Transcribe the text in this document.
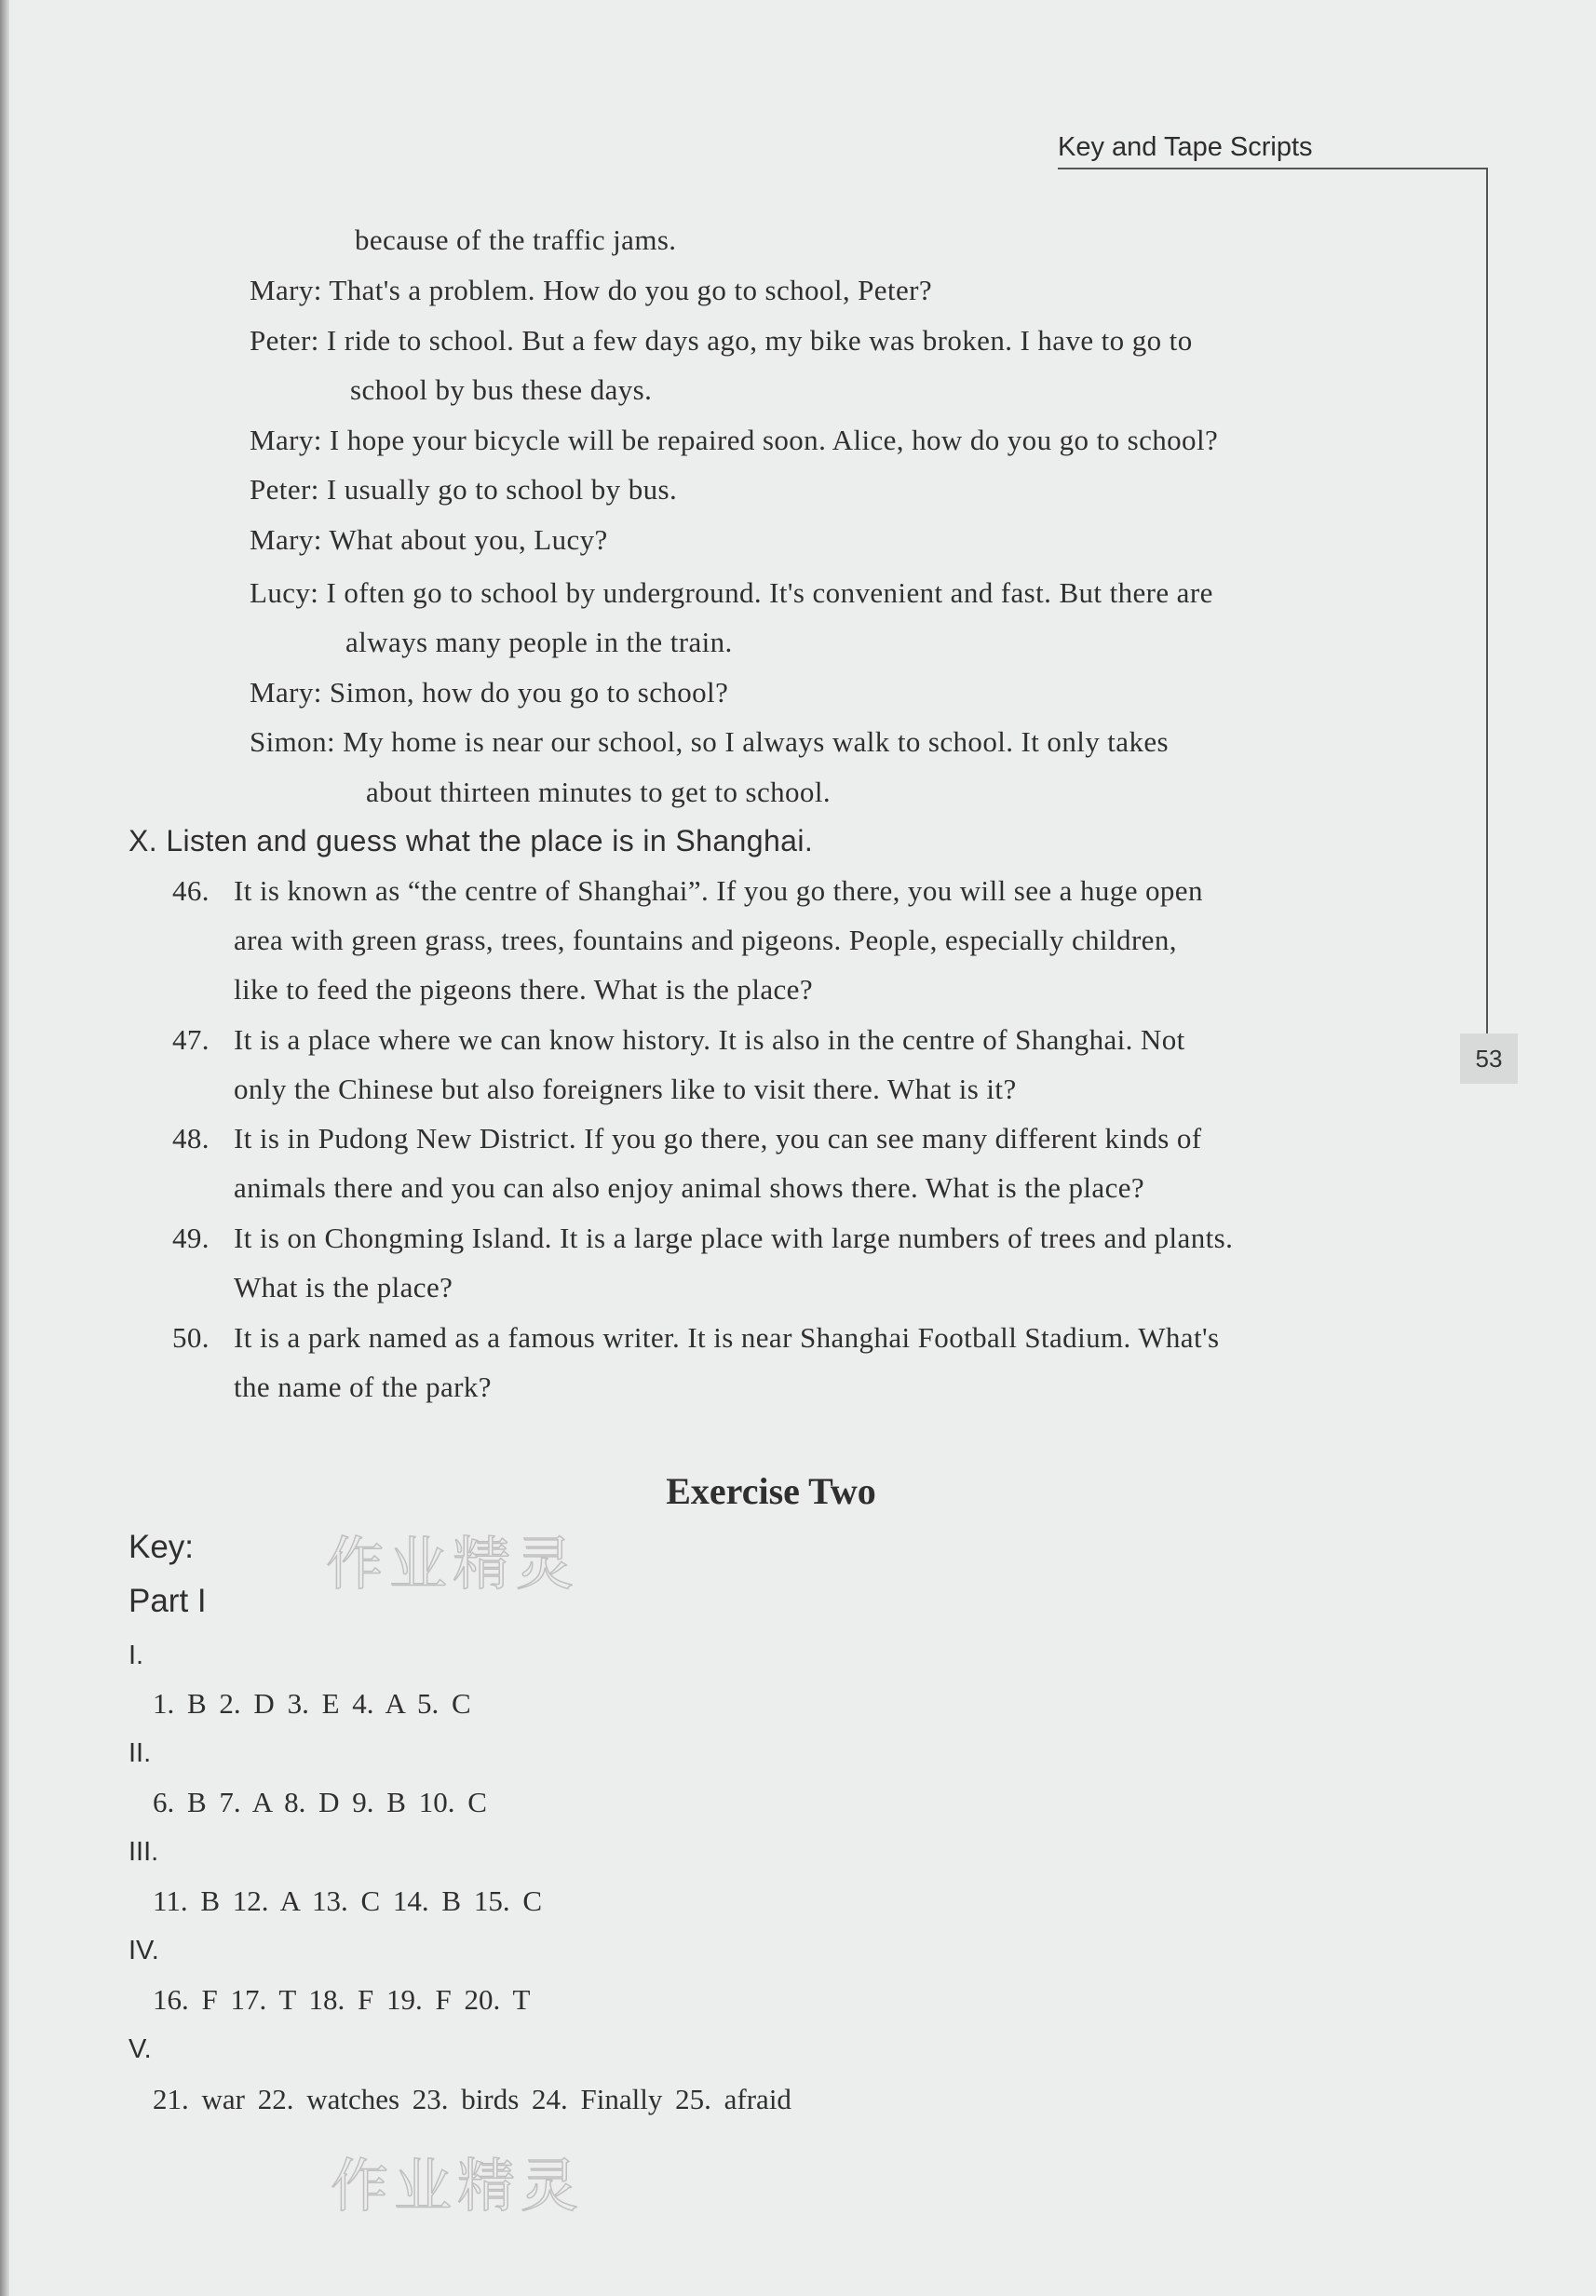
Key and Tape Scripts
53
because of the traffic jams.
Mary: That's a problem. How do you go to school, Peter?
Peter: I ride to school. But a few days ago, my bike was broken. I have to go to
school by bus these days.
Mary: I hope your bicycle will be repaired soon. Alice, how do you go to school?
Peter: I usually go to school by bus.
Mary: What about you, Lucy?
Lucy: I often go to school by underground. It's convenient and fast. But there are
always many people in the train.
Mary: Simon, how do you go to school?
Simon: My home is near our school, so I always walk to school. It only takes
about thirteen minutes to get to school.
X. Listen and guess what the place is in Shanghai.
46. It is known as “the centre of Shanghai”. If you go there, you will see a huge open
area with green grass, trees, fountains and pigeons. People, especially children,
like to feed the pigeons there. What is the place?
47. It is a place where we can know history. It is also in the centre of Shanghai. Not
only the Chinese but also foreigners like to visit there. What is it?
48. It is in Pudong New District. If you go there, you can see many different kinds of
animals there and you can also enjoy animal shows there. What is the place?
49. It is on Chongming Island. It is a large place with large numbers of trees and plants.
What is the place?
50. It is a park named as a famous writer. It is near Shanghai Football Stadium. What's
the name of the park?
Exercise Two
Key:
Part I
I.
1. B 2. D 3. E 4. A 5. C
II.
6. B 7. A 8. D 9. B 10. C
III.
11. B 12. A 13. C 14. B 15. C
IV.
16. F 17. T 18. F 19. F 20. T
V.
21. war 22. watches 23. birds 24. Finally 25. afraid
作业精灵
作业精灵
